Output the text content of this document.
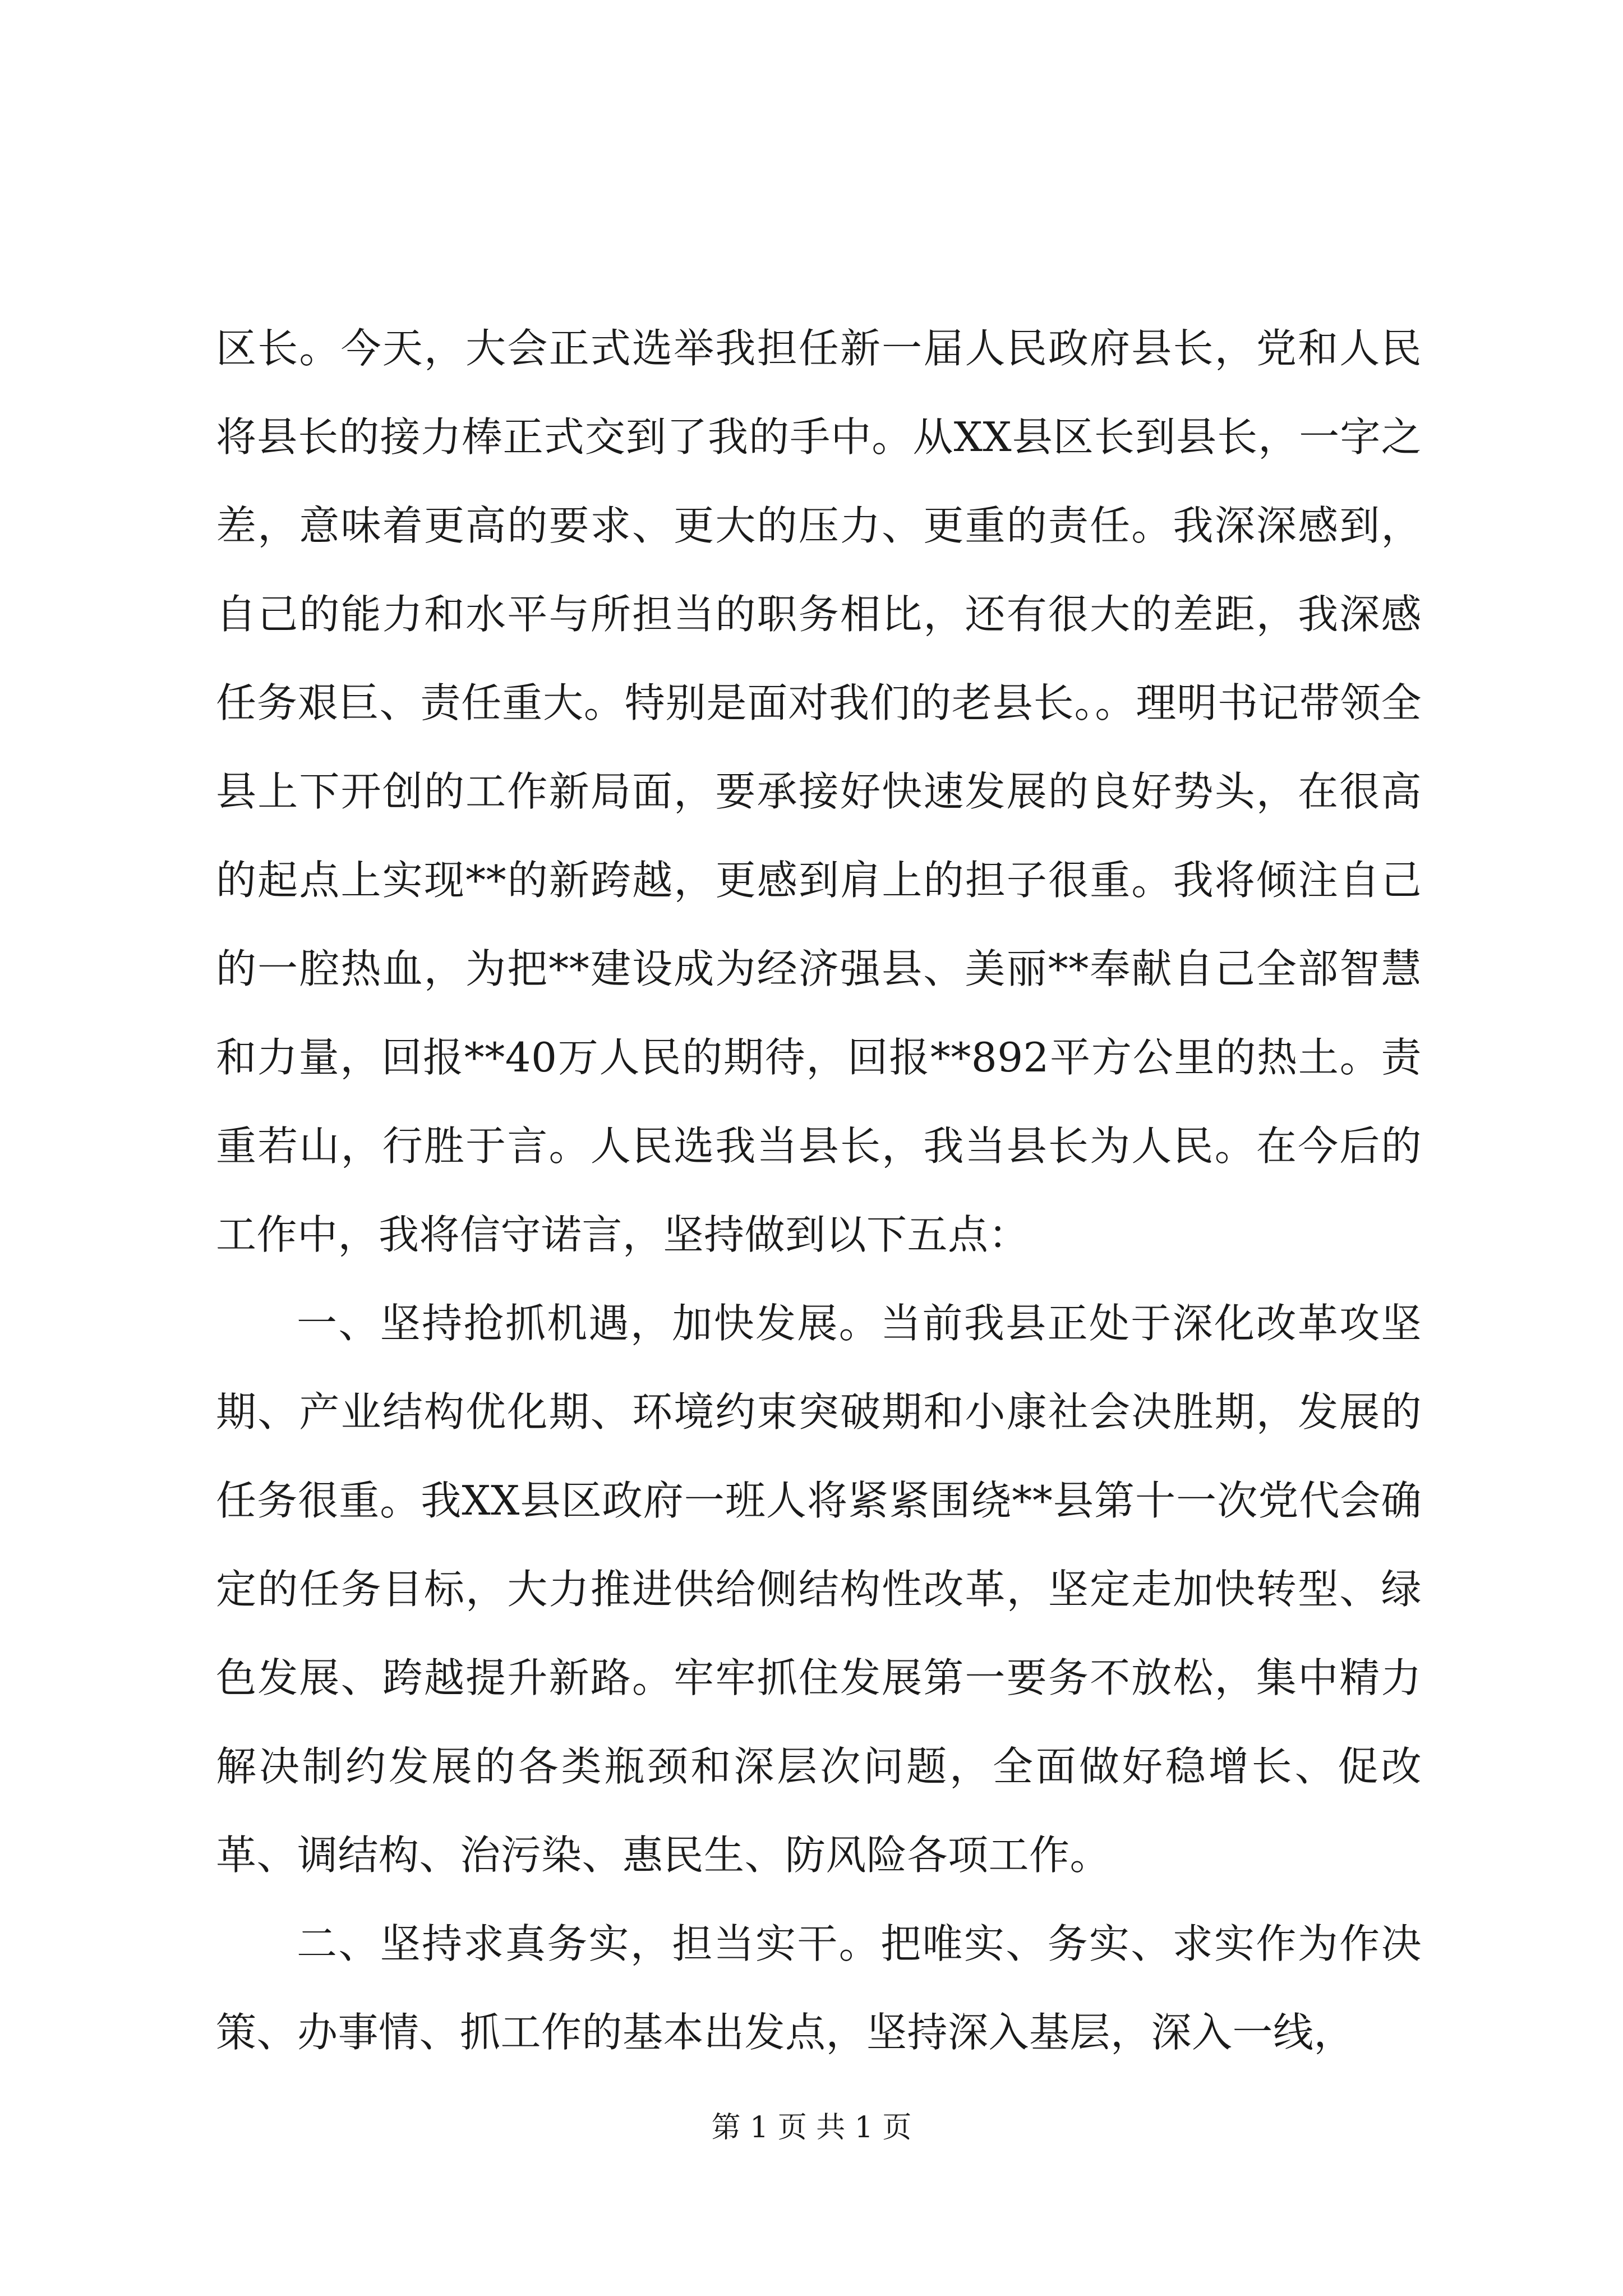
区长。今天，大会正式选举我担任新一届人民政府县长，党和人民将县长的接力棒正式交到了我的手中。从XX县区长到县长，一字之差，意味着更高的要求、更大的压力、更重的责任。我深深感到，自己的能力和水平与所担当的职务相比，还有很大的差距，我深感任务艰巨、责任重大。特别是面对我们的老县长。。理明书记带领全县上下开创的工作新局面，要承接好快速发展的良好势头，在很高的起点上实现**的新跨越，更感到肩上的担子很重。我将倾注自己的一腔热血，为把**建设成为经济强县、美丽**奉献自己全部智慧和力量，回报**40万人民的期待，回报**892平方公里的热土。责重若山，行胜于言。人民选我当县长，我当县长为人民。在今后的工作中，我将信守诺言，坚持做到以下五点：

一、坚持抢抓机遇，加快发展。当前我县正处于深化改革攻坚期、产业结构优化期、环境约束突破期和小康社会决胜期，发展的任务很重。我XX县区政府一班人将紧紧围绕**县第十一次党代会确定的任务目标，大力推进供给侧结构性改革，坚定走加快转型、绿色发展、跨越提升新路。牢牢抓住发展第一要务不放松，集中精力解决制约发展的各类瓶颈和深层次问题，全面做好稳增长、促改革、调结构、治污染、惠民生、防风险各项工作。

二、坚持求真务实，担当实干。把唯实、务实、求实作为作决策、办事情、抓工作的基本出发点，坚持深入基层，深入一线，

第 1 页 共 1 页
